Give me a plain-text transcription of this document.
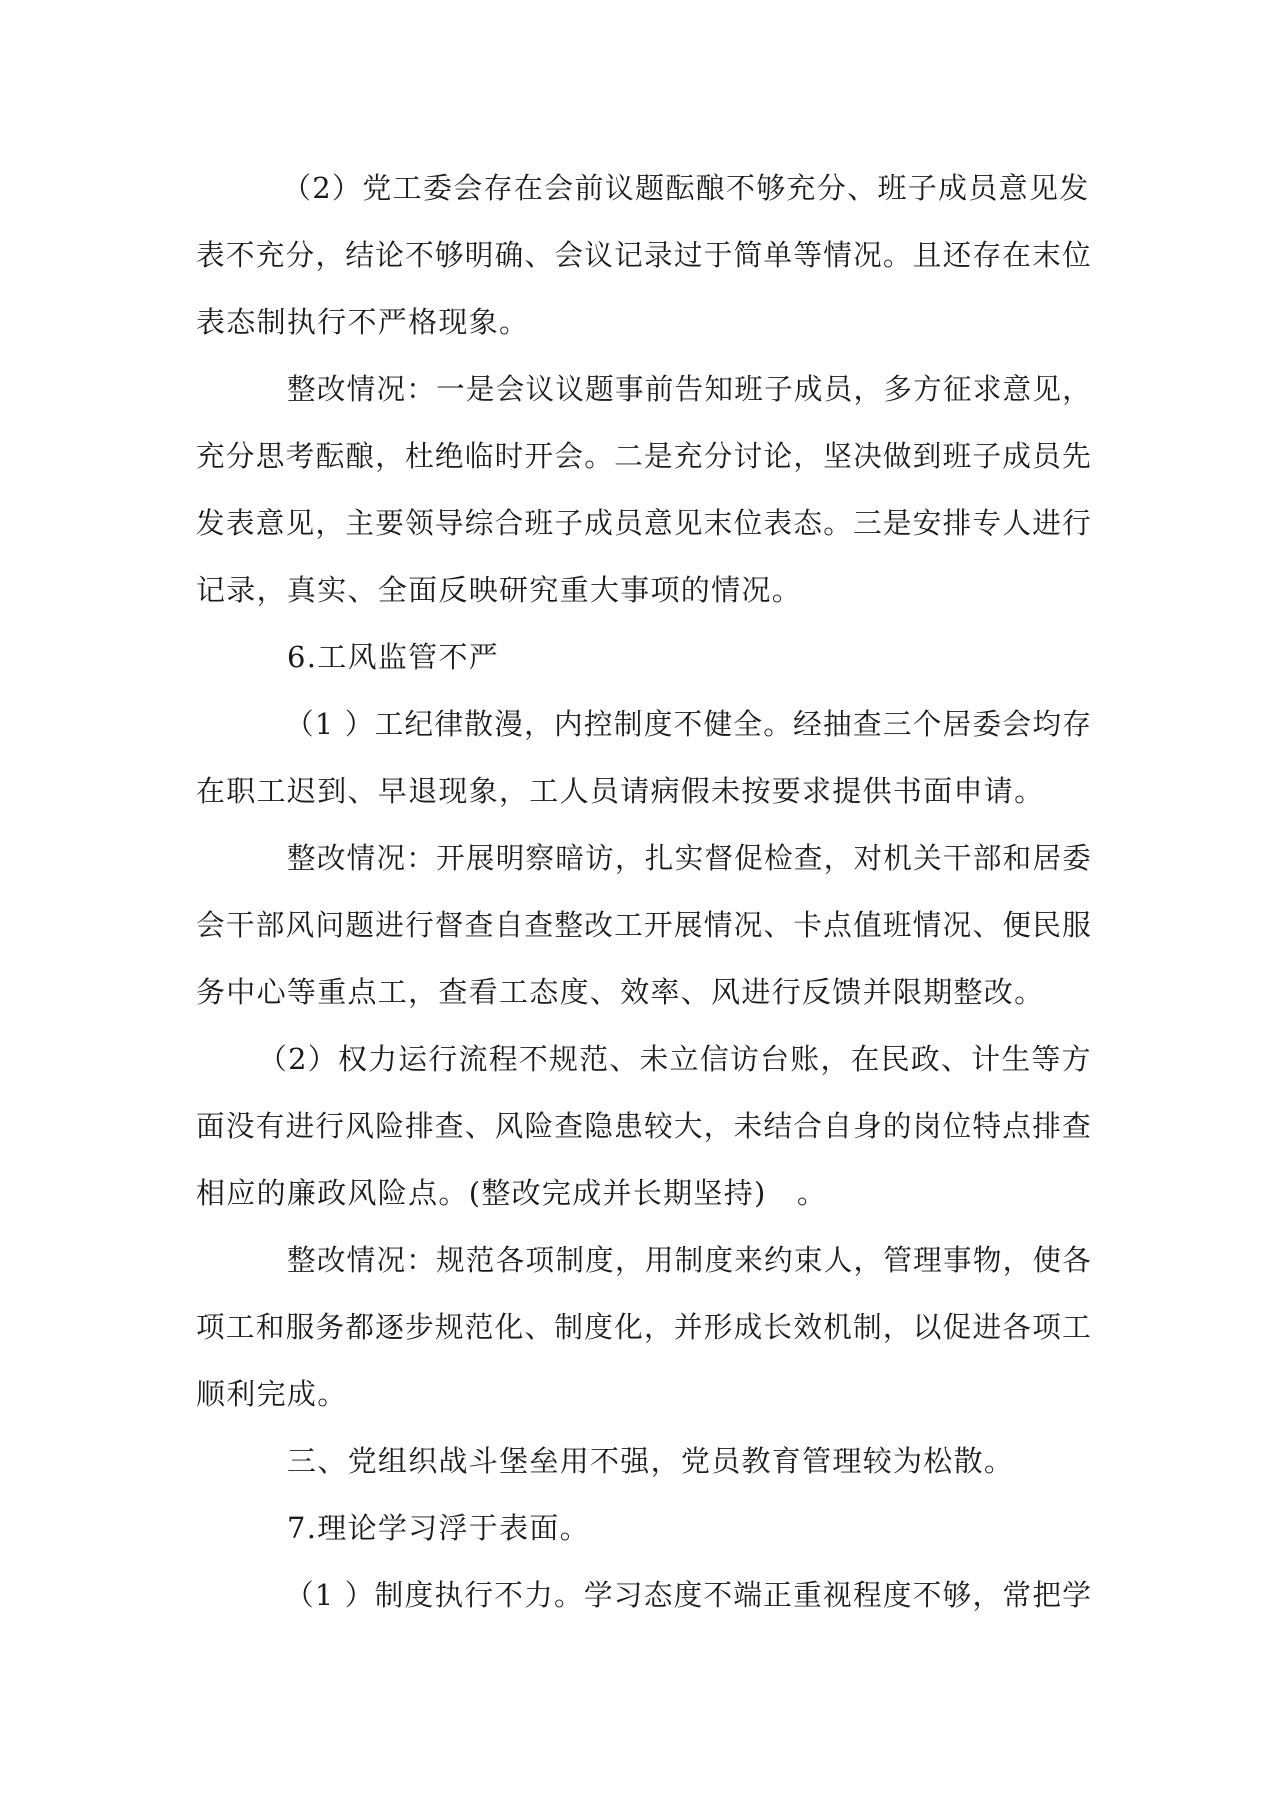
（2）党工委会存在会前议题酝酿不够充分、班子成员意见发
表不充分，结论不够明确、会议记录过于简单等情况。且还存在末位
表态制执行不严格现象。
整改情况：一是会议议题事前告知班子成员，多方征求意见，
充分思考酝酿，杜绝临时开会。二是充分讨论，坚决做到班子成员先
发表意见，主要领导综合班子成员意见末位表态。三是安排专人进行
记录，真实、全面反映研究重大事项的情况。
6.工风监管不严
（1 ）工纪律散漫，内控制度不健全。经抽查三个居委会均存
在职工迟到、早退现象，工人员请病假未按要求提供书面申请。
整改情况：开展明察暗访，扎实督促检查，对机关干部和居委
会干部风问题进行督查自查整改工开展情况、卡点值班情况、便民服
务中心等重点工，查看工态度、效率、风进行反馈并限期整改。
（2）权力运行流程不规范、未立信访台账，在民政、计生等方
面没有进行风险排查、风险查隐患较大，未结合自身的岗位特点排查
相应的廉政风险点。(整改完成并长期坚持)　。
整改情况：规范各项制度，用制度来约束人，管理事物，使各
项工和服务都逐步规范化、制度化，并形成长效机制，以促进各项工
顺利完成。
三、党组织战斗堡垒用不强，党员教育管理较为松散。
7.理论学习浮于表面。
（1 ）制度执行不力。学习态度不端正重视程度不够，常把学
